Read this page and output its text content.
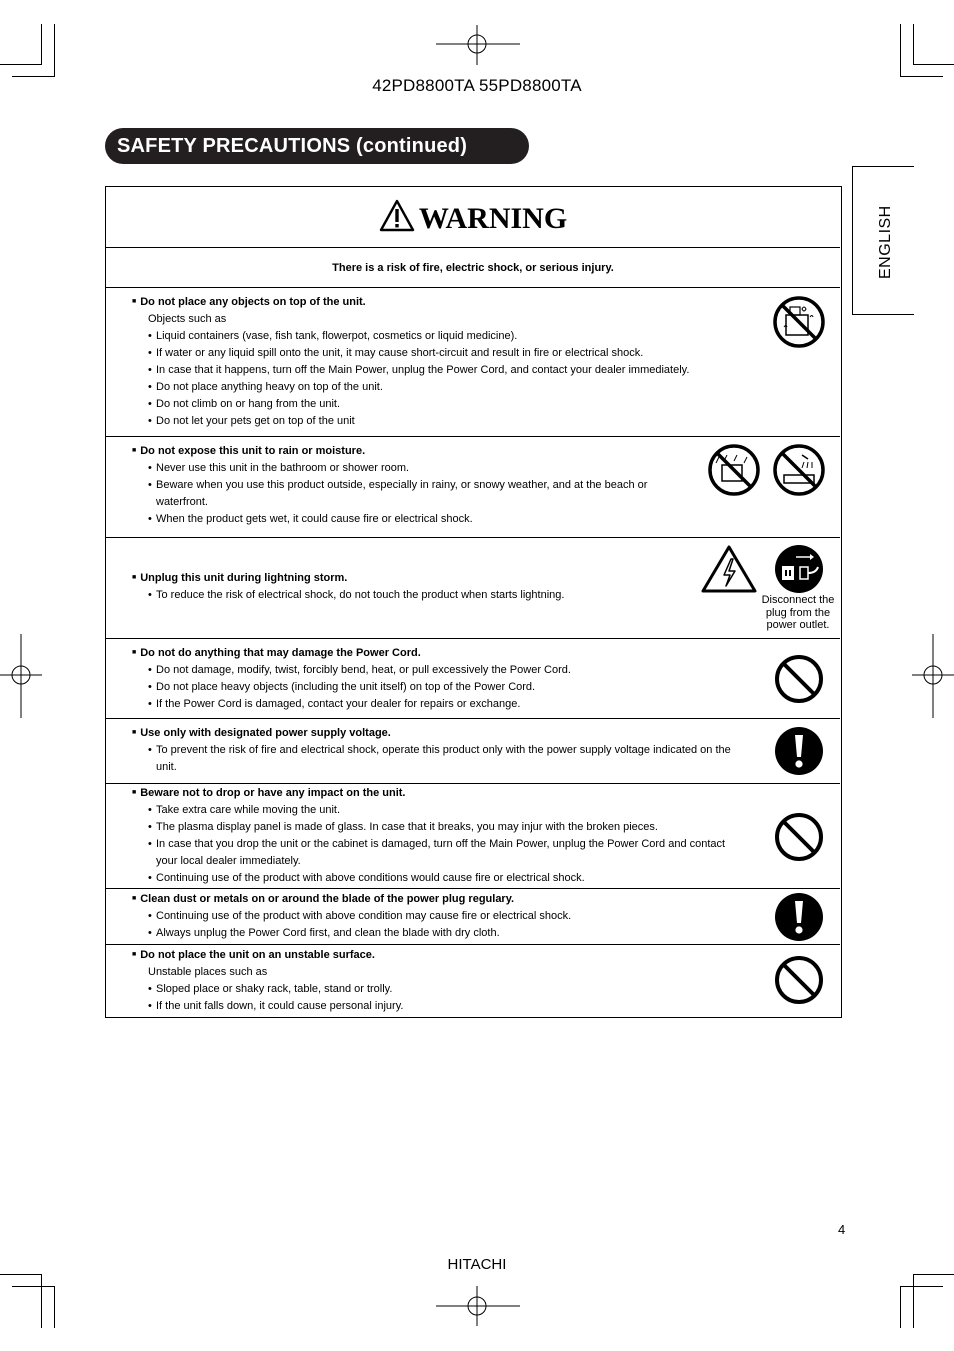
42PD8800TA 55PD8800TA
SAFETY PRECAUTIONS (continued)
ENGLISH
WARNING
There is a risk of fire, electric shock, or serious injury.
■ Do not place any objects on top of the unit.
Objects such as
• Liquid containers (vase, fish tank, flowerpot, cosmetics or liquid medicine).
• If water or any liquid spill onto the unit, it may cause short-circuit and result in fire or electrical shock.
• In case that it happens, turn off the Main Power, unplug the Power Cord, and contact your dealer immediately.
• Do not place anything heavy on top of the unit.
• Do not climb on or hang from the unit.
• Do not let your pets get on top of the unit
■ Do not expose this unit to rain or moisture.
• Never use this unit in the bathroom or shower room.
• Beware when you use this product outside, especially in rainy, or snowy weather, and at the beach or
waterfront.
• When the product gets wet, it could cause fire or electrical shock.
■ Unplug this unit during lightning storm.
• To reduce the risk of electrical shock, do not touch the product when starts lightning.	Disconnect the
plug from the
power outlet.
■ Do not do anything that may damage the Power Cord.
• Do not damage, modify, twist, forcibly bend, heat, or pull excessively the Power Cord.
• Do not place heavy objects (including the unit itself) on top of the Power Cord.
• If the Power Cord is damaged, contact your dealer for repairs or exchange.
■ Use only with designated power supply voltage.
• To prevent the risk of fire and electrical shock, operate this product only with the power supply voltage indicated on the
unit.
■ Beware not to drop or have any impact on the unit.
• Take extra care while moving the unit.
• The plasma display panel is made of glass. In case that it breaks, you may injur with the broken pieces.
• In case that you drop the unit or the cabinet is damaged, turn off the Main Power, unplug the Power Cord and contact
your local dealer immediately.
• Continuing use of the product with above conditions would cause fire or electrical shock.
■ Clean dust or metals on or around the blade of the power plug regulary.
• Continuing use of the product with above condition may cause fire or electrical shock.
• Always unplug the Power Cord first, and clean the blade with dry cloth.
■ Do not place the unit on an unstable surface.
Unstable places such as
• Sloped place or shaky rack, table, stand or trolly.
• If the unit falls down, it could cause personal injury.
4
HITACHI
